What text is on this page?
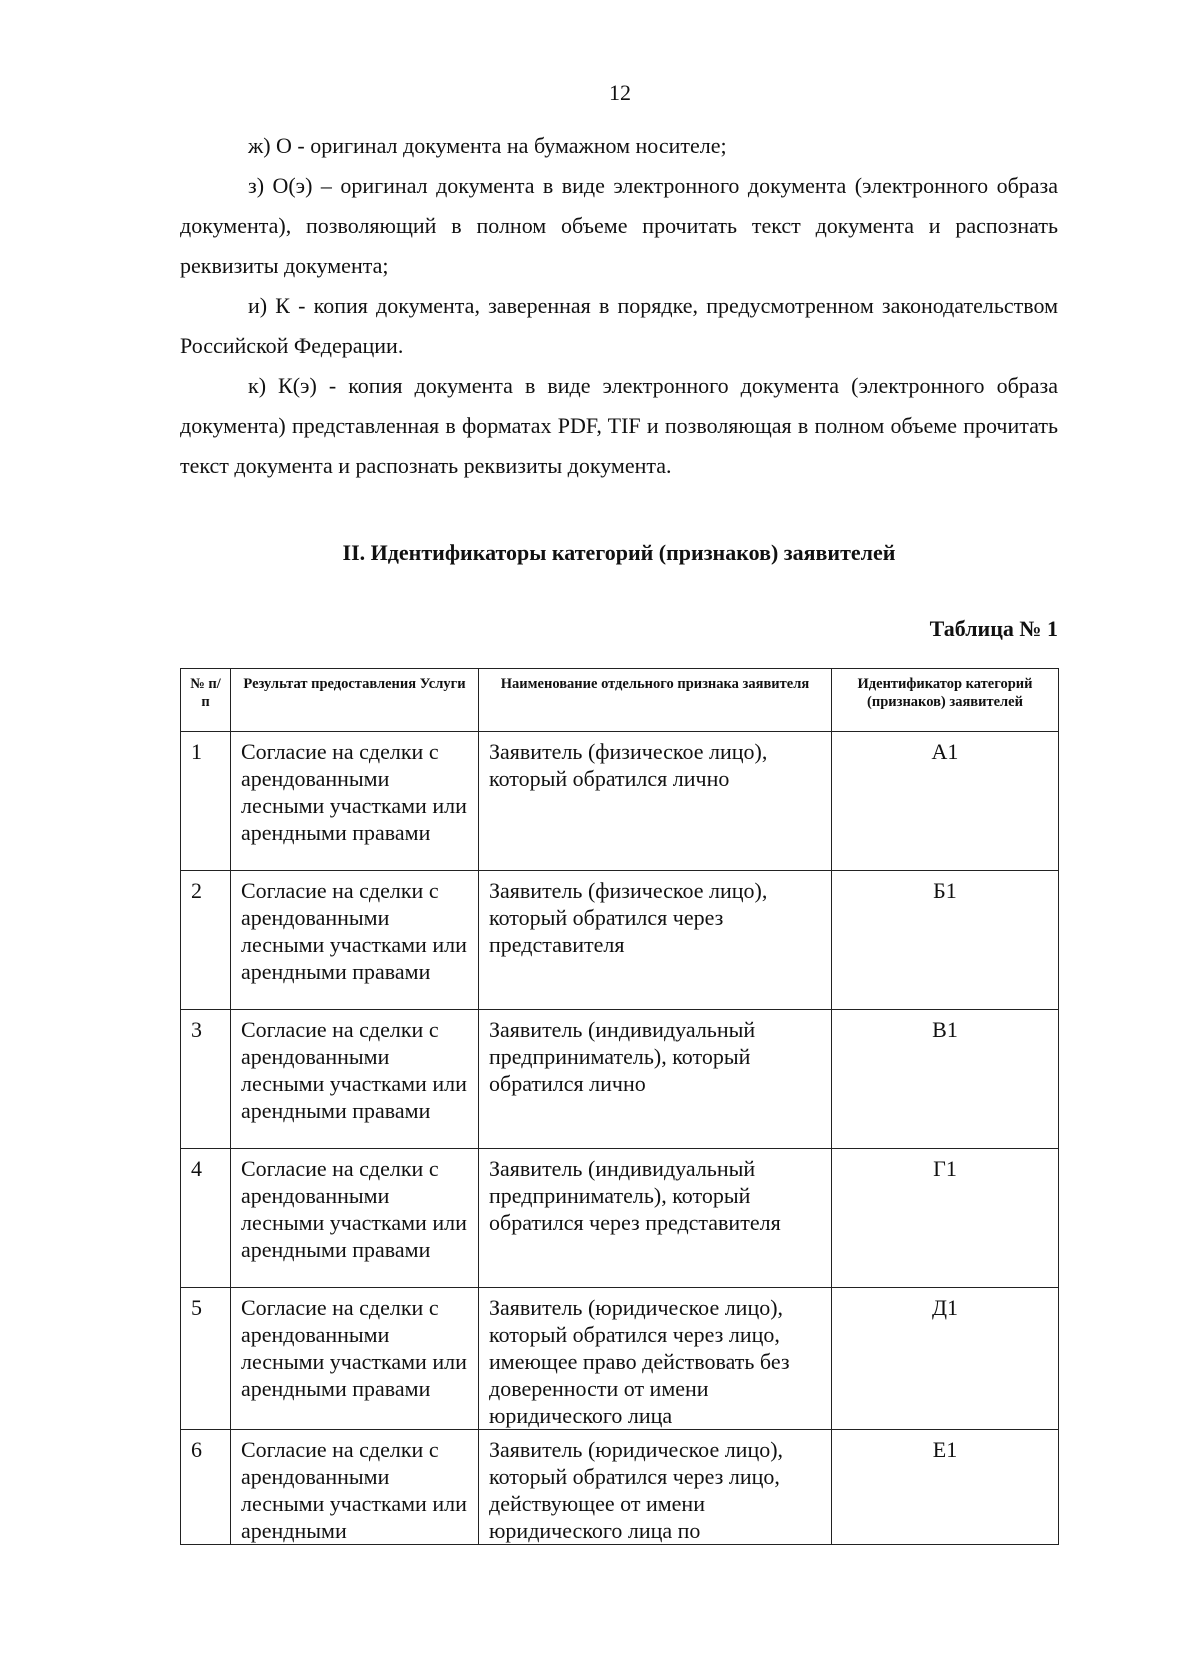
12

ж) О - оригинал документа на бумажном носителе;

з) О(э) – оригинал документа в виде электронного документа (электронного образа документа), позволяющий в полном объеме прочитать текст документа и распознать реквизиты документа;

и) К - копия документа, заверенная в порядке, предусмотренном законодательством Российской Федерации.

к) К(э) - копия документа в виде электронного документа (электронного образа документа) представленная в форматах PDF, TIF и позволяющая в полном объеме прочитать текст документа и распознать реквизиты документа.

II. Идентификаторы категорий (признаков) заявителей
Таблица № 1
№ п/п	Результат предоставления Услуги	Наименование отдельного признака заявителя	Идентификатор категорий (признаков) заявителей
1	Согласие на сделки с арендованными лесными участками или арендными правами	Заявитель (физическое лицо), который обратился лично	А1
2	Согласие на сделки с арендованными лесными участками или арендными правами	Заявитель (физическое лицо), который обратился через представителя	Б1
3	Согласие на сделки с арендованными лесными участками или арендными правами	Заявитель (индивидуальный предприниматель), который обратился лично	В1
4	Согласие на сделки с арендованными лесными участками или арендными правами	Заявитель (индивидуальный предприниматель), который обратился через представителя	Г1
5	Согласие на сделки с арендованными лесными участками или арендными правами	Заявитель (юридическое лицо), который обратился через лицо, имеющее право действовать без доверенности от имени юридического лица	Д1
6	Согласие на сделки с арендованными лесными участками или арендными	Заявитель (юридическое лицо), который обратился через лицо, действующее от имени юридического лица по	Е1
